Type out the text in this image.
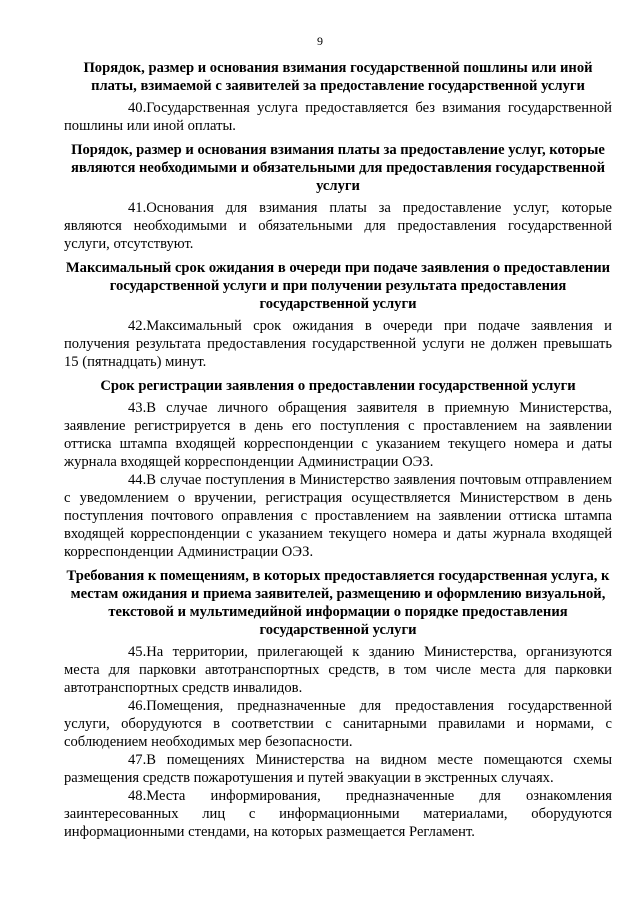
9

Порядок, размер и основания взимания государственной пошлины или иной платы, взимаемой с заявителей за предоставление государственной услуги

40.Государственная услуга предоставляется без взимания государственной пошлины или иной оплаты.

Порядок, размер и основания взимания платы за предоставление услуг, которые являются необходимыми и обязательными для предоставления государственной услуги

41.Основания для взимания платы за предоставление услуг, которые являются необходимыми и обязательными для предоставления государственной услуги, отсутствуют.

Максимальный срок ожидания в очереди при подаче заявления о предоставлении государственной услуги и при получении результата предоставления государственной услуги

42.Максимальный срок ожидания в очереди при подаче заявления и получения результата предоставления государственной услуги не должен превышать 15 (пятнадцать) минут.

Срок регистрации заявления о предоставлении государственной услуги

43.В случае личного обращения заявителя в приемную Министерства, заявление регистрируется в день его поступления с проставлением на заявлении оттиска штампа входящей корреспонденции с указанием текущего номера и даты журнала входящей корреспонденции Администрации ОЭЗ.

44.В случае поступления в Министерство заявления почтовым отправлением с уведомлением о вручении, регистрация осуществляется Министерством в день поступления почтового оправления с проставлением на заявлении оттиска штампа входящей корреспонденции с указанием текущего номера и даты журнала входящей корреспонденции Администрации ОЭЗ.

Требования к помещениям, в которых предоставляется государственная услуга, к местам ожидания и приема заявителей, размещению и оформлению визуальной, текстовой и мультимедийной информации о порядке предоставления государственной услуги

45.На территории, прилегающей к зданию Министерства, организуются места для парковки автотранспортных средств, в том числе места для парковки автотранспортных средств инвалидов.

46.Помещения, предназначенные для предоставления государственной услуги, оборудуются в соответствии с санитарными правилами и нормами, с соблюдением необходимых мер безопасности.

47.В помещениях Министерства на видном месте помещаются схемы размещения средств пожаротушения и путей эвакуации в экстренных случаях.

48.Места информирования, предназначенные для ознакомления заинтересованных лиц с информационными материалами, оборудуются информационными стендами, на которых размещается Регламент.
